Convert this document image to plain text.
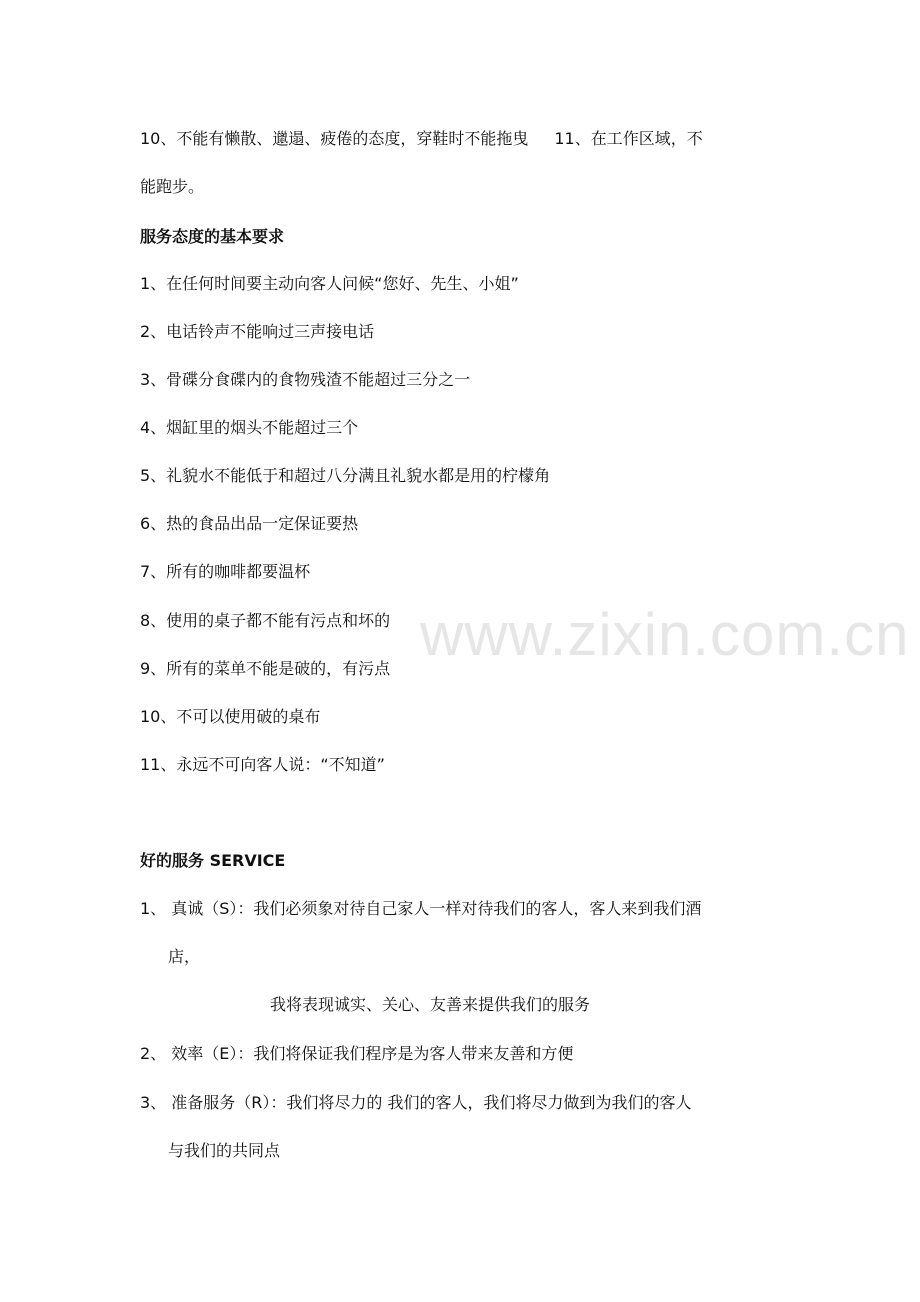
www.zixin.com.cn
10、不能有懒散、邋遢、疲倦的态度，穿鞋时不能拖曳 11、在工作区域，不
能跑步。
服务态度的基本要求
1、在任何时间要主动向客人问候“您好、先生、小姐”
2、电话铃声不能响过三声接电话
3、骨碟分食碟内的食物残渣不能超过三分之一
4、烟缸里的烟头不能超过三个
5、礼貌水不能低于和超过八分满且礼貌水都是用的柠檬角
6、热的食品出品一定保证要热
7、所有的咖啡都要温杯
8、使用的桌子都不能有污点和坏的
9、所有的菜单不能是破的，有污点
10、不可以使用破的桌布
11、永远不可向客人说：“不知道”
好的服务 SERVICE
1、 真诚（S）：我们必须象对待自己家人一样对待我们的客人，客人来到我们酒
店，
我将表现诚实、关心、友善来提供我们的服务
2、 效率（E）：我们将保证我们程序是为客人带来友善和方便
3、 准备服务（R）：我们将尽力的 我们的客人，我们将尽力做到为我们的客人
与我们的共同点
